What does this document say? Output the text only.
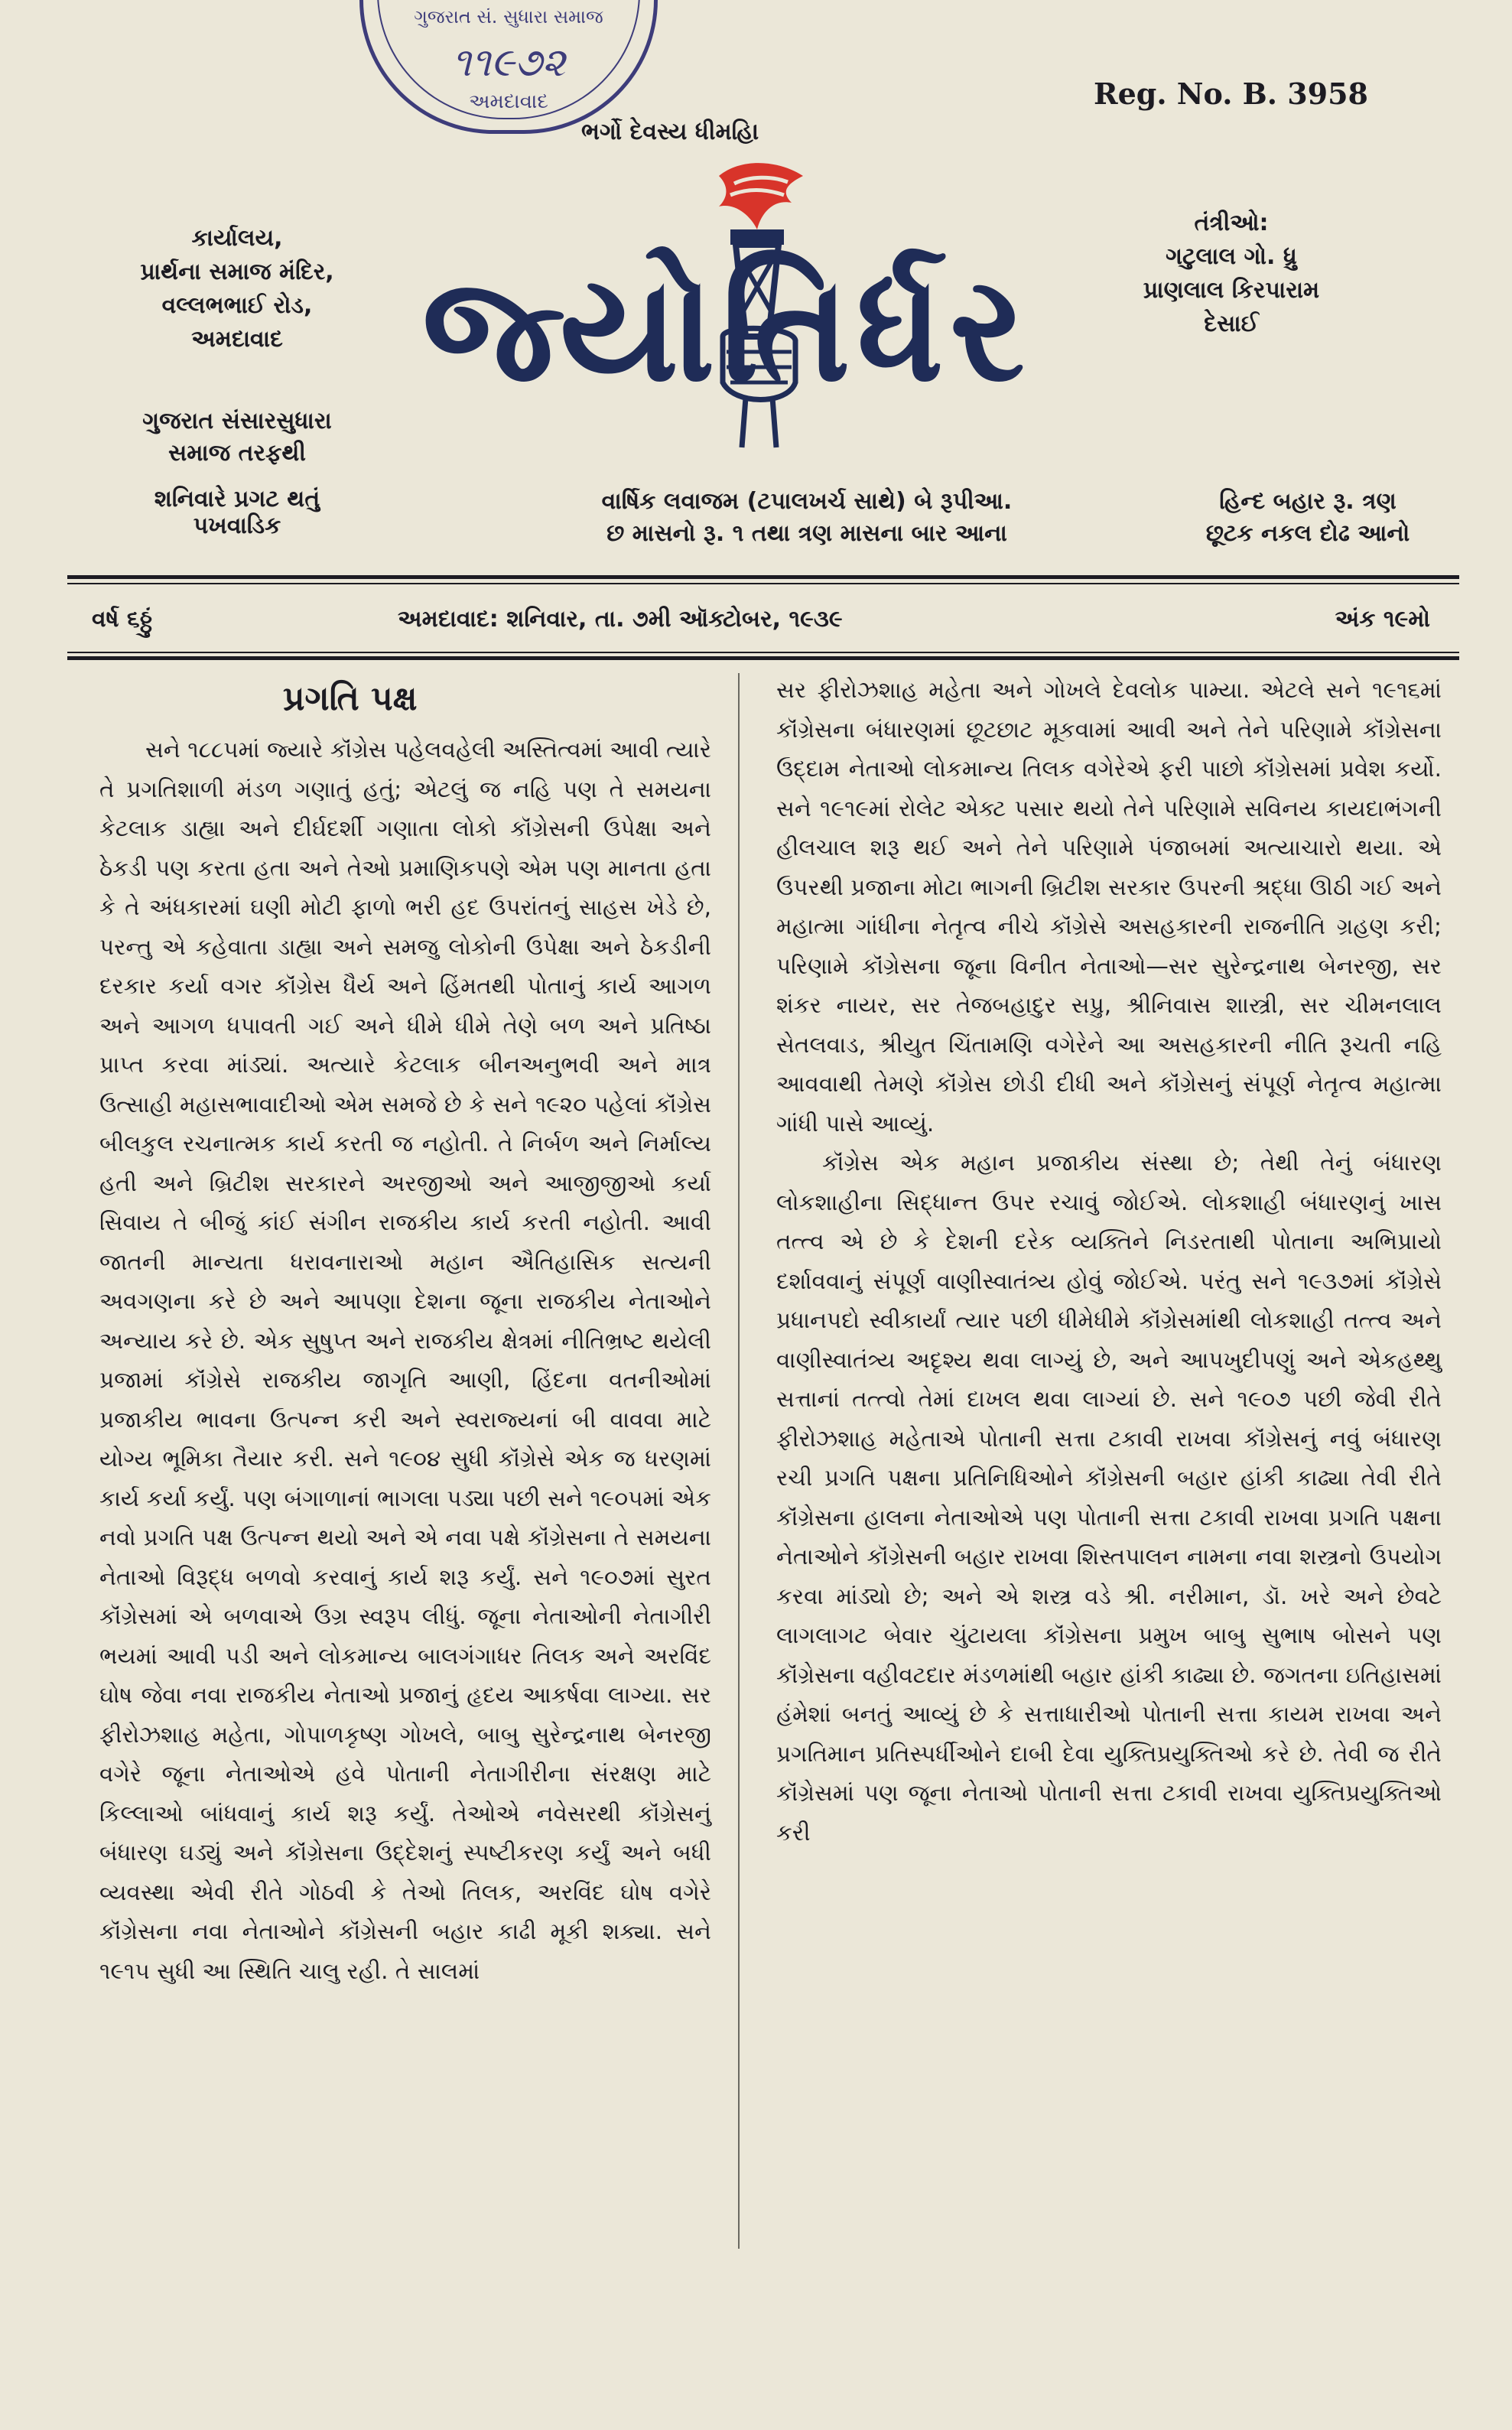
ગુજરાત સં. સુધારા સમાજ
૧૧૯૭૨
અમદાવાદ	Reg. No. B. 3958
ભર્ગો દેવસ્ય ધીમહિ।
કાર્યાલય,
પ્રાર્થના સમાજ મંદિર,
વલ્લભભાઈ રોડ,
અમદાવાદ
ગુજરાત સંસારસુધારા
સમાજ તરફથી
તંત્રીઓ:
ગટુલાલ ગો. ધ્રુ
પ્રાણલાલ કિરપારામ
દેસાઈ
જ્યોતિર્ધર
શનિવારે પ્રગટ થતું
પખવાડિક
વાર્ષિક લવાજમ (ટપાલખર્ચ સાથે) બે રૂપીઆ.
છ માસનો રૂ. ૧ તથા ત્રણ માસના બાર આના
હિન્દ બહાર રૂ. ત્રણ
છૂટક નકલ દોઢ આનો
વર્ષ ૬ઠ્ઠું	અમદાવાદ: શનિવાર, તા. ૭મી ઑક્ટોબર, ૧૯૩૯	અંક ૧૯મો
પ્રગતિ પક્ષ

સને ૧૮૮૫માં જ્યારે કૉંગ્રેસ પહેલવહેલી અસ્તિત્વમાં આવી ત્યારે તે પ્રગતિશાળી મંડળ ગણાતું હતું; એટલું જ નહિ પણ તે સમયના કેટલાક ડાહ્યા અને દીર્ઘદર્શી ગણાતા લોકો કૉંગ્રેસની ઉપેક્ષા અને ઠેકડી પણ કરતા હતા અને તેઓ પ્રમાણિકપણે એમ પણ માનતા હતા કે તે અંધકારમાં ઘણી મોટી ફાળો ભરી હદ ઉપરાંતનું સાહસ ખેડે છે, પરન્તુ એ કહેવાતા ડાહ્યા અને સમજુ લોકોની ઉપેક્ષા અને ઠેકડીની દરકાર કર્યા વગર કૉંગ્રેસ ધૈર્ય અને હિંમતથી પોતાનું કાર્ય આગળ અને આગળ ધપાવતી ગઈ અને ધીમે ધીમે તેણે બળ અને પ્રતિષ્ઠા પ્રાપ્ત કરવા માંડ્યાં. અત્યારે કેટલાક બીનઅનુભવી અને માત્ર ઉત્સાહી મહાસભાવાદીઓ એમ સમજે છે કે સને ૧૯૨૦ પહેલાં કૉંગ્રેસ બીલકુલ રચનાત્મક કાર્ય કરતી જ નહોતી. તે નિર્બળ અને નિર્માલ્ય હતી અને બ્રિટીશ સરકારને અરજીઓ અને આજીજીઓ કર્યા સિવાય તે બીજું કાંઈ સંગીન રાજકીય કાર્ય કરતી નહોતી. આવી જાતની માન્યતા ધરાવનારાઓ મહાન ઐતિહાસિક સત્યની અવગણના કરે છે અને આપણા દેશના જૂના રાજકીય નેતાઓને અન્યાય કરે છે. એક સુષુપ્ત અને રાજકીય ક્ષેત્રમાં નીતિભ્રષ્ટ થયેલી પ્રજામાં કૉંગ્રેસે રાજકીય જાગૃતિ આણી, હિંદના વતનીઓમાં પ્રજાકીય ભાવના ઉત્પન્ન કરી અને સ્વરાજ્યનાં બી વાવવા માટે યોગ્ય ભૂમિકા તૈયાર કરી. સને ૧૯૦૪ સુધી કૉંગ્રેસે એક જ ધરણમાં કાર્ય કર્યા કર્યું. પણ બંગાળાનાં ભાગલા પડ્યા પછી સને ૧૯૦૫માં એક નવો પ્રગતિ પક્ષ ઉત્પન્ન થયો અને એ નવા પક્ષે કૉંગ્રેસના તે સમયના નેતાઓ વિરૂદ્ધ બળવો કરવાનું કાર્ય શરૂ કર્યું. સને ૧૯૦૭માં સુરત કૉંગ્રેસમાં એ બળવાએ ઉગ્ર સ્વરૂપ લીધું. જૂના નેતાઓની નેતાગીરી ભયમાં આવી પડી અને લોકમાન્ય બાલગંગાધર તિલક અને અરવિંદ ઘોષ જેવા નવા રાજકીય નેતાઓ પ્રજાનું હૃદય આકર્ષવા લાગ્યા. સર ફીરોઝશાહ મહેતા, ગોપાળકૃષ્ણ ગોખલે, બાબુ સુરેન્દ્રનાથ બેનરજી વગેરે જૂના નેતાઓએ હવે પોતાની નેતાગીરીના સંરક્ષણ માટે કિલ્લાઓ બાંધવાનું કાર્ય શરૂ કર્યું. તેઓએ નવેસરથી કૉંગ્રેસનું બંધારણ ઘડ્યું અને કૉંગ્રેસના ઉદ્દેશનું સ્પષ્ટીકરણ કર્યું અને બધી વ્યવસ્થા એવી રીતે ગોઠવી કે તેઓ તિલક, અરવિંદ ઘોષ વગેરે કૉંગ્રેસના નવા નેતાઓને કૉંગ્રેસની બહાર કાઢી મૂકી શક્યા. સને ૧૯૧૫ સુધી આ સ્થિતિ ચાલુ રહી. તે સાલમાં

સર ફીરોઝશાહ મહેતા અને ગોખલે દેવલોક પામ્યા. એટલે સને ૧૯૧૬માં કૉંગ્રેસના બંધારણમાં છૂટછાટ મૂકવામાં આવી અને તેને પરિણામે કૉંગ્રેસના ઉદ્દામ નેતાઓ લોકમાન્ય તિલક વગેરેએ ફરી પાછો કૉંગ્રેસમાં પ્રવેશ કર્યો. સને ૧૯૧૯માં રોલેટ એક્ટ પસાર થયો તેને પરિણામે સવિનય કાયદાભંગની હીલચાલ શરૂ થઈ અને તેને પરિણામે પંજાબમાં અત્યાચારો થયા. એ ઉપરથી પ્રજાના મોટા ભાગની બ્રિટીશ સરકાર ઉપરની શ્રદ્ધા ઊઠી ગઈ અને મહાત્મા ગાંધીના નેતૃત્વ નીચે કૉંગ્રેસે અસહકારની રાજનીતિ ગ્રહણ કરી; પરિણામે કૉંગ્રેસના જૂના વિનીત નેતાઓ—સર સુરેન્દ્રનાથ બેનરજી, સર શંકર નાયર, સર તેજબહાદુર સપ્રુ, શ્રીનિવાસ શાસ્ત્રી, સર ચીમનલાલ સેતલવાડ, શ્રીયુત ચિંતામણિ વગેરેને આ અસહકારની નીતિ રૂચતી નહિ આવવાથી તેમણે કૉંગ્રેસ છોડી દીધી અને કૉંગ્રેસનું સંપૂર્ણ નેતૃત્વ મહાત્મા ગાંધી પાસે આવ્યું.

કૉંગ્રેસ એક મહાન પ્રજાકીય સંસ્થા છે; તેથી તેનું બંધારણ લોકશાહીના સિદ્ધાન્ત ઉપર રચાવું જોઈએ. લોકશાહી બંધારણનું ખાસ તત્ત્વ એ છે કે દેશની દરેક વ્યક્તિને નિડરતાથી પોતાના અભિપ્રાયો દર્શાવવાનું સંપૂર્ણ વાણીસ્વાતંત્ર્ય હોવું જોઈએ. પરંતુ સને ૧૯૩૭માં કૉંગ્રેસે પ્રધાનપદો સ્વીકાર્યાં ત્યાર પછી ધીમેધીમે કૉંગ્રેસમાંથી લોકશાહી તત્ત્વ અને વાણીસ્વાતંત્ર્ય અદૃશ્ય થવા લાગ્યું છે, અને આપખુદીપણું અને એકહથ્થુ સત્તાનાં તત્ત્વો તેમાં દાખલ થવા લાગ્યાં છે. સને ૧૯૦૭ પછી જેવી રીતે ફીરોઝશાહ મહેતાએ પોતાની સત્તા ટકાવી રાખવા કૉંગ્રેસનું નવું બંધારણ રચી પ્રગતિ પક્ષના પ્રતિનિધિઓને કૉંગ્રેસની બહાર હાંકી કાઢ્યા તેવી રીતે કૉંગ્રેસના હાલના નેતાઓએ પણ પોતાની સત્તા ટકાવી રાખવા પ્રગતિ પક્ષના નેતાઓને કૉંગ્રેસની બહાર રાખવા શિસ્તપાલન નામના નવા શસ્ત્રનો ઉપયોગ કરવા માંડ્યો છે; અને એ શસ્ત્ર વડે શ્રી. નરીમાન, ડૉ. ખરે અને છેવટે લાગલાગટ બેવાર ચુંટાયલા કૉંગ્રેસના પ્રમુખ બાબુ સુભાષ બોસને પણ કૉંગ્રેસના વહીવટદાર મંડળમાંથી બહાર હાંકી કાઢ્યા છે. જગતના ઇતિહાસમાં હંમેશાં બનતું આવ્યું છે કે સત્તાધારીઓ પોતાની સત્તા કાયમ રાખવા અને પ્રગતિમાન પ્રતિસ્પર્ધીઓને દાબી દેવા યુક્તિપ્રયુક્તિઓ કરે છે. તેવી જ રીતે કૉંગ્રેસમાં પણ જૂના નેતાઓ પોતાની સત્તા ટકાવી રાખવા યુક્તિપ્રયુક્તિઓ કરી
